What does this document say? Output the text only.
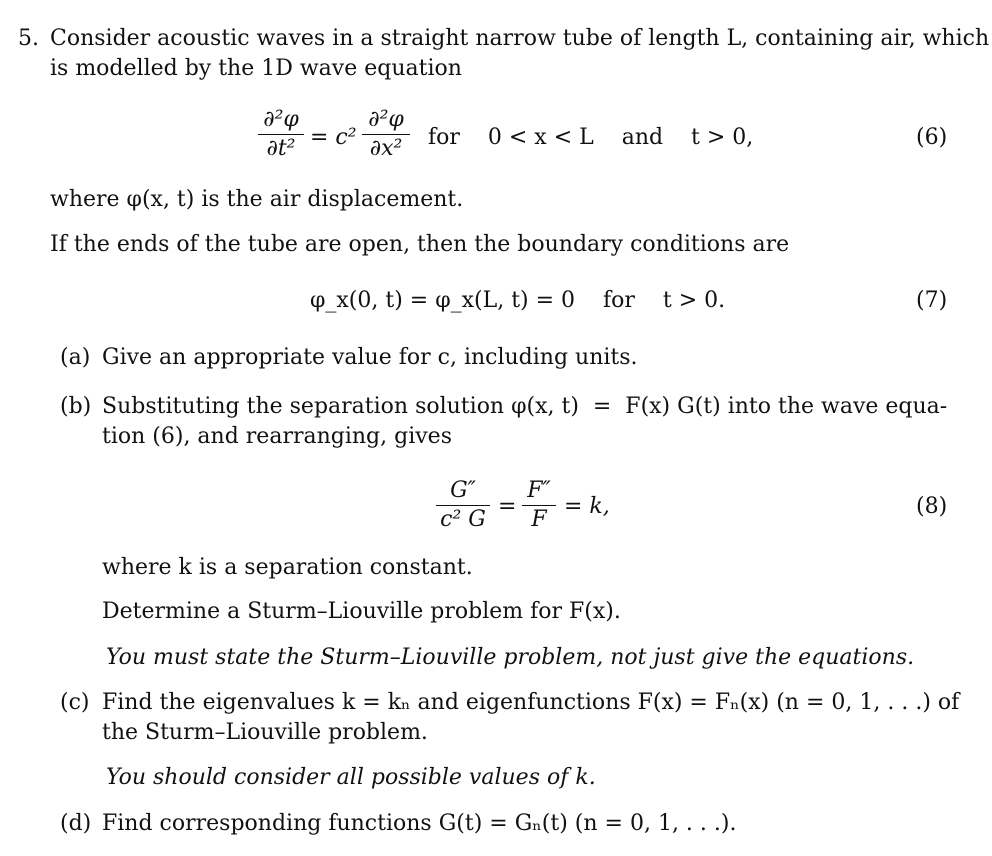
5. Consider acoustic waves in a straight narrow tube of length L, containing air, which
is modelled by the 1D wave equation
∂²φ
∂t² = c²
∂²φ
∂x²	for    0 < x < L    and    t > 0,	(6)
where φ(x, t) is the air displacement.
If the ends of the tube are open, then the boundary conditions are
φ_x(0, t) = φ_x(L, t) = 0    for    t > 0.	(7)
(a) Give an appropriate value for c, including units.
(b) Substituting the separation solution φ(x, t)  =  F(x) G(t) into the wave equa-
tion (6), and rearranging, gives
G″
c² G
=
F″
F
= k,	(8)
where k is a separation constant.
Determine a Sturm–Liouville problem for F(x).
You must state the Sturm–Liouville problem, not just give the equations.
(c) Find the eigenvalues k = kₙ and eigenfunctions F(x) = Fₙ(x) (n = 0, 1, . . .) of
the Sturm–Liouville problem.
You should consider all possible values of k.
(d) Find corresponding functions G(t) = Gₙ(t) (n = 0, 1, . . .).
